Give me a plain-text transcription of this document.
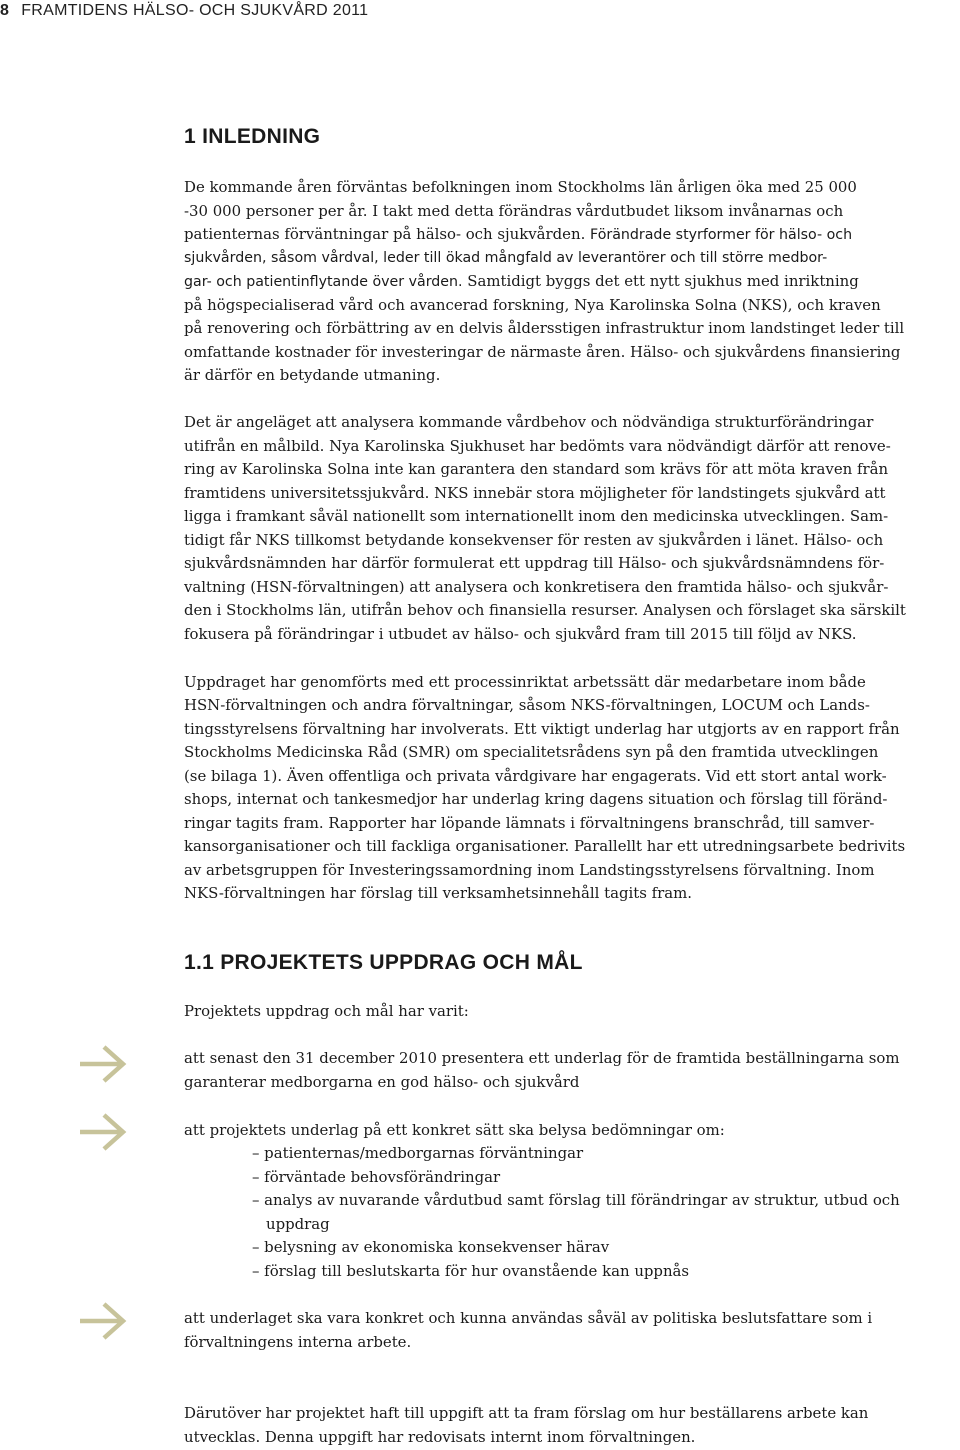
8 FRAMTIDENS HÄLSO- OCH SJUKVÅRD 2011
1 INLEDNING
De kommande åren förväntas befolkningen inom Stockholms län årligen öka med 25 000
-30 000 personer per år. I takt med detta förändras vårdutbudet liksom invånarnas och
patienternas förväntningar på hälso- och sjukvården. Förändrade styrformer för hälso- och
sjukvården, såsom vårdval, leder till ökad mångfald av leverantörer och till större medbor-
gar- och patientinflytande över vården. Samtidigt byggs det ett nytt sjukhus med inriktning
på högspecialiserad vård och avancerad forskning, Nya Karolinska Solna (NKS), och kraven
på renovering och förbättring av en delvis åldersstigen infrastruktur inom landstinget leder till
omfattande kostnader för investeringar de närmaste åren. Hälso- och sjukvårdens finansiering
är därför en betydande utmaning.
Det är angeläget att analysera kommande vårdbehov och nödvändiga strukturförändringar
utifrån en målbild. Nya Karolinska Sjukhuset har bedömts vara nödvändigt därför att renove-
ring av Karolinska Solna inte kan garantera den standard som krävs för att möta kraven från
framtidens universitetssjukvård. NKS innebär stora möjligheter för landstingets sjukvård att
ligga i framkant såväl nationellt som internationellt inom den medicinska utvecklingen. Sam-
tidigt får NKS tillkomst betydande konsekvenser för resten av sjukvården i länet. Hälso- och
sjukvårdsnämnden har därför formulerat ett uppdrag till Hälso- och sjukvårdsnämndens för-
valtning (HSN-förvaltningen) att analysera och konkretisera den framtida hälso- och sjukvår-
den i Stockholms län, utifrån behov och finansiella resurser. Analysen och förslaget ska särskilt
fokusera på förändringar i utbudet av hälso- och sjukvård fram till 2015 till följd av NKS.
Uppdraget har genomförts med ett processinriktat arbetssätt där medarbetare inom både
HSN-förvaltningen och andra förvaltningar, såsom NKS-förvaltningen, LOCUM och Lands-
tingsstyrelsens förvaltning har involverats. Ett viktigt underlag har utgjorts av en rapport från
Stockholms Medicinska Råd (SMR) om specialitetsrådens syn på den framtida utvecklingen
(se bilaga 1). Även offentliga och privata vårdgivare har engagerats. Vid ett stort antal work-
shops, internat och tankesmedjor har underlag kring dagens situation och förslag till föränd-
ringar tagits fram. Rapporter har löpande lämnats i förvaltningens branschråd, till samver-
kansorganisationer och till fackliga organisationer. Parallellt har ett utredningsarbete bedrivits
av arbetsgruppen för Investeringssamordning inom Landstingsstyrelsens förvaltning. Inom
NKS-förvaltningen har förslag till verksamhetsinnehåll tagits fram.
1.1 PROJEKTETS UPPDRAG OCH MÅL
Projektets uppdrag och mål har varit:
att senast den 31 december 2010 presentera ett underlag för de framtida beställningarna som
garanterar medborgarna en god hälso- och sjukvård
att projektets underlag på ett konkret sätt ska belysa bedömningar om:
– patienternas/medborgarnas förväntningar
– förväntade behovsförändringar
– analys av nuvarande vårdutbud samt förslag till förändringar av struktur, utbud och
uppdrag
– belysning av ekonomiska konsekvenser härav
– förslag till beslutskarta för hur ovanstående kan uppnås
att underlaget ska vara konkret och kunna användas såväl av politiska beslutsfattare som i
förvaltningens interna arbete.
Därutöver har projektet haft till uppgift att ta fram förslag om hur beställarens arbete kan
utvecklas. Denna uppgift har redovisats internt inom förvaltningen.
